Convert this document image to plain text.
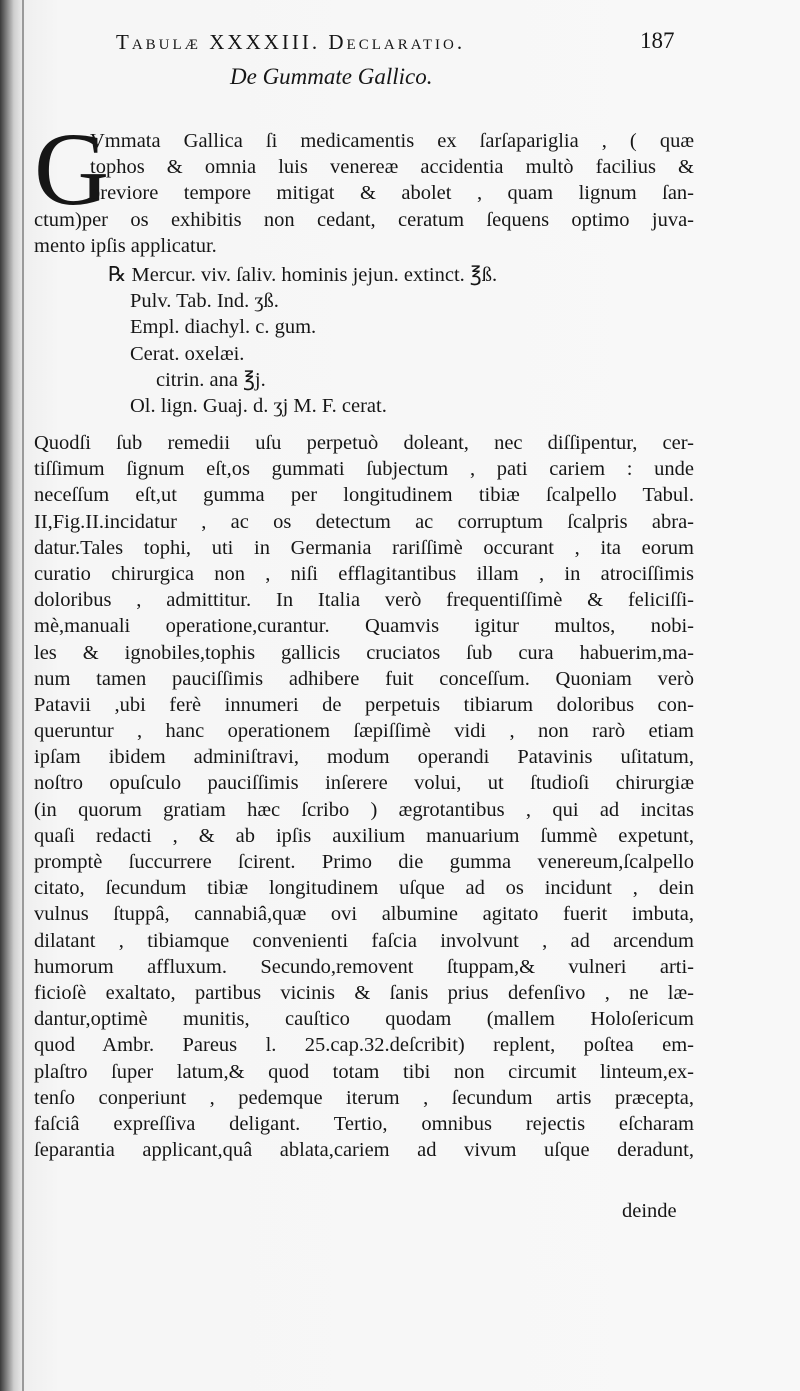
Tabulæ XXXXIII. Declaratio.	187
De Gummate Gallico.
G
Vmmata Gallica ſi medicamentis ex ſarſapariglia , ( quæ
tophos & omnia luis venereæ accidentia multò facilius &
breviore tempore mitigat & abolet , quam lignum ſan-
ctum)per os exhibitis non cedant, ceratum ſequens optimo juva-
mento ipſis applicatur.
℞ Mercur. viv. ſaliv. hominis jejun. extinct. ℥ß.
Pulv. Tab. Ind. ʒß.
Empl. diachyl. c. gum.
Cerat. oxelæi.
citrin. ana ℥j.
Ol. lign. Guaj. d. ʒj M. F. cerat.
Quodſi ſub remedii uſu perpetuò doleant, nec diſſipentur, cer-
tiſſimum ſignum eſt,os gummati ſubjectum , pati cariem : unde
neceſſum eſt,ut gumma per longitudinem tibiæ ſcalpello Tabul.
II,Fig.II.incidatur , ac os detectum ac corruptum ſcalpris abra-
datur.Tales tophi, uti in Germania rariſſimè occurant , ita eorum
curatio chirurgica non , niſi efflagitantibus illam , in atrociſſimis
doloribus , admittitur. In Italia verò frequentiſſimè & feliciſſi-
mè,manuali operatione,curantur. Quamvis igitur multos, nobi-
les & ignobiles,tophis gallicis cruciatos ſub cura habuerim,ma-
num tamen pauciſſimis adhibere fuit conceſſum. Quoniam verò
Patavii ,ubi ferè innumeri de perpetuis tibiarum doloribus con-
queruntur , hanc operationem ſæpiſſimè vidi , non rarò etiam
ipſam ibidem adminiſtravi, modum operandi Patavinis uſitatum,
noſtro opuſculo pauciſſimis inſerere volui, ut ſtudioſi chirurgiæ
(in quorum gratiam hæc ſcribo ) ægrotantibus , qui ad incitas
quaſi redacti , & ab ipſis auxilium manuarium ſummè expetunt,
promptè ſuccurrere ſcirent. Primo die gumma venereum,ſcalpello
citato, ſecundum tibiæ longitudinem uſque ad os incidunt , dein
vulnus ſtuppâ, cannabiâ,quæ ovi albumine agitato fuerit imbuta,
dilatant , tibiamque convenienti faſcia involvunt , ad arcendum
humorum affluxum. Secundo,removent ſtuppam,& vulneri arti-
ficioſè exaltato, partibus vicinis & ſanis prius defenſivo , ne læ-
dantur,optimè munitis, cauſtico quodam (mallem Holoſericum
quod Ambr. Pareus l. 25.cap.32.deſcribit) replent, poſtea em-
plaſtro ſuper latum,& quod totam tibi non circumit linteum,ex-
tenſo conperiunt , pedemque iterum , ſecundum artis præcepta,
faſciâ expreſſiva deligant. Tertio, omnibus rejectis eſcharam
ſeparantia applicant,quâ ablata,cariem ad vivum uſque deradunt,
deinde
